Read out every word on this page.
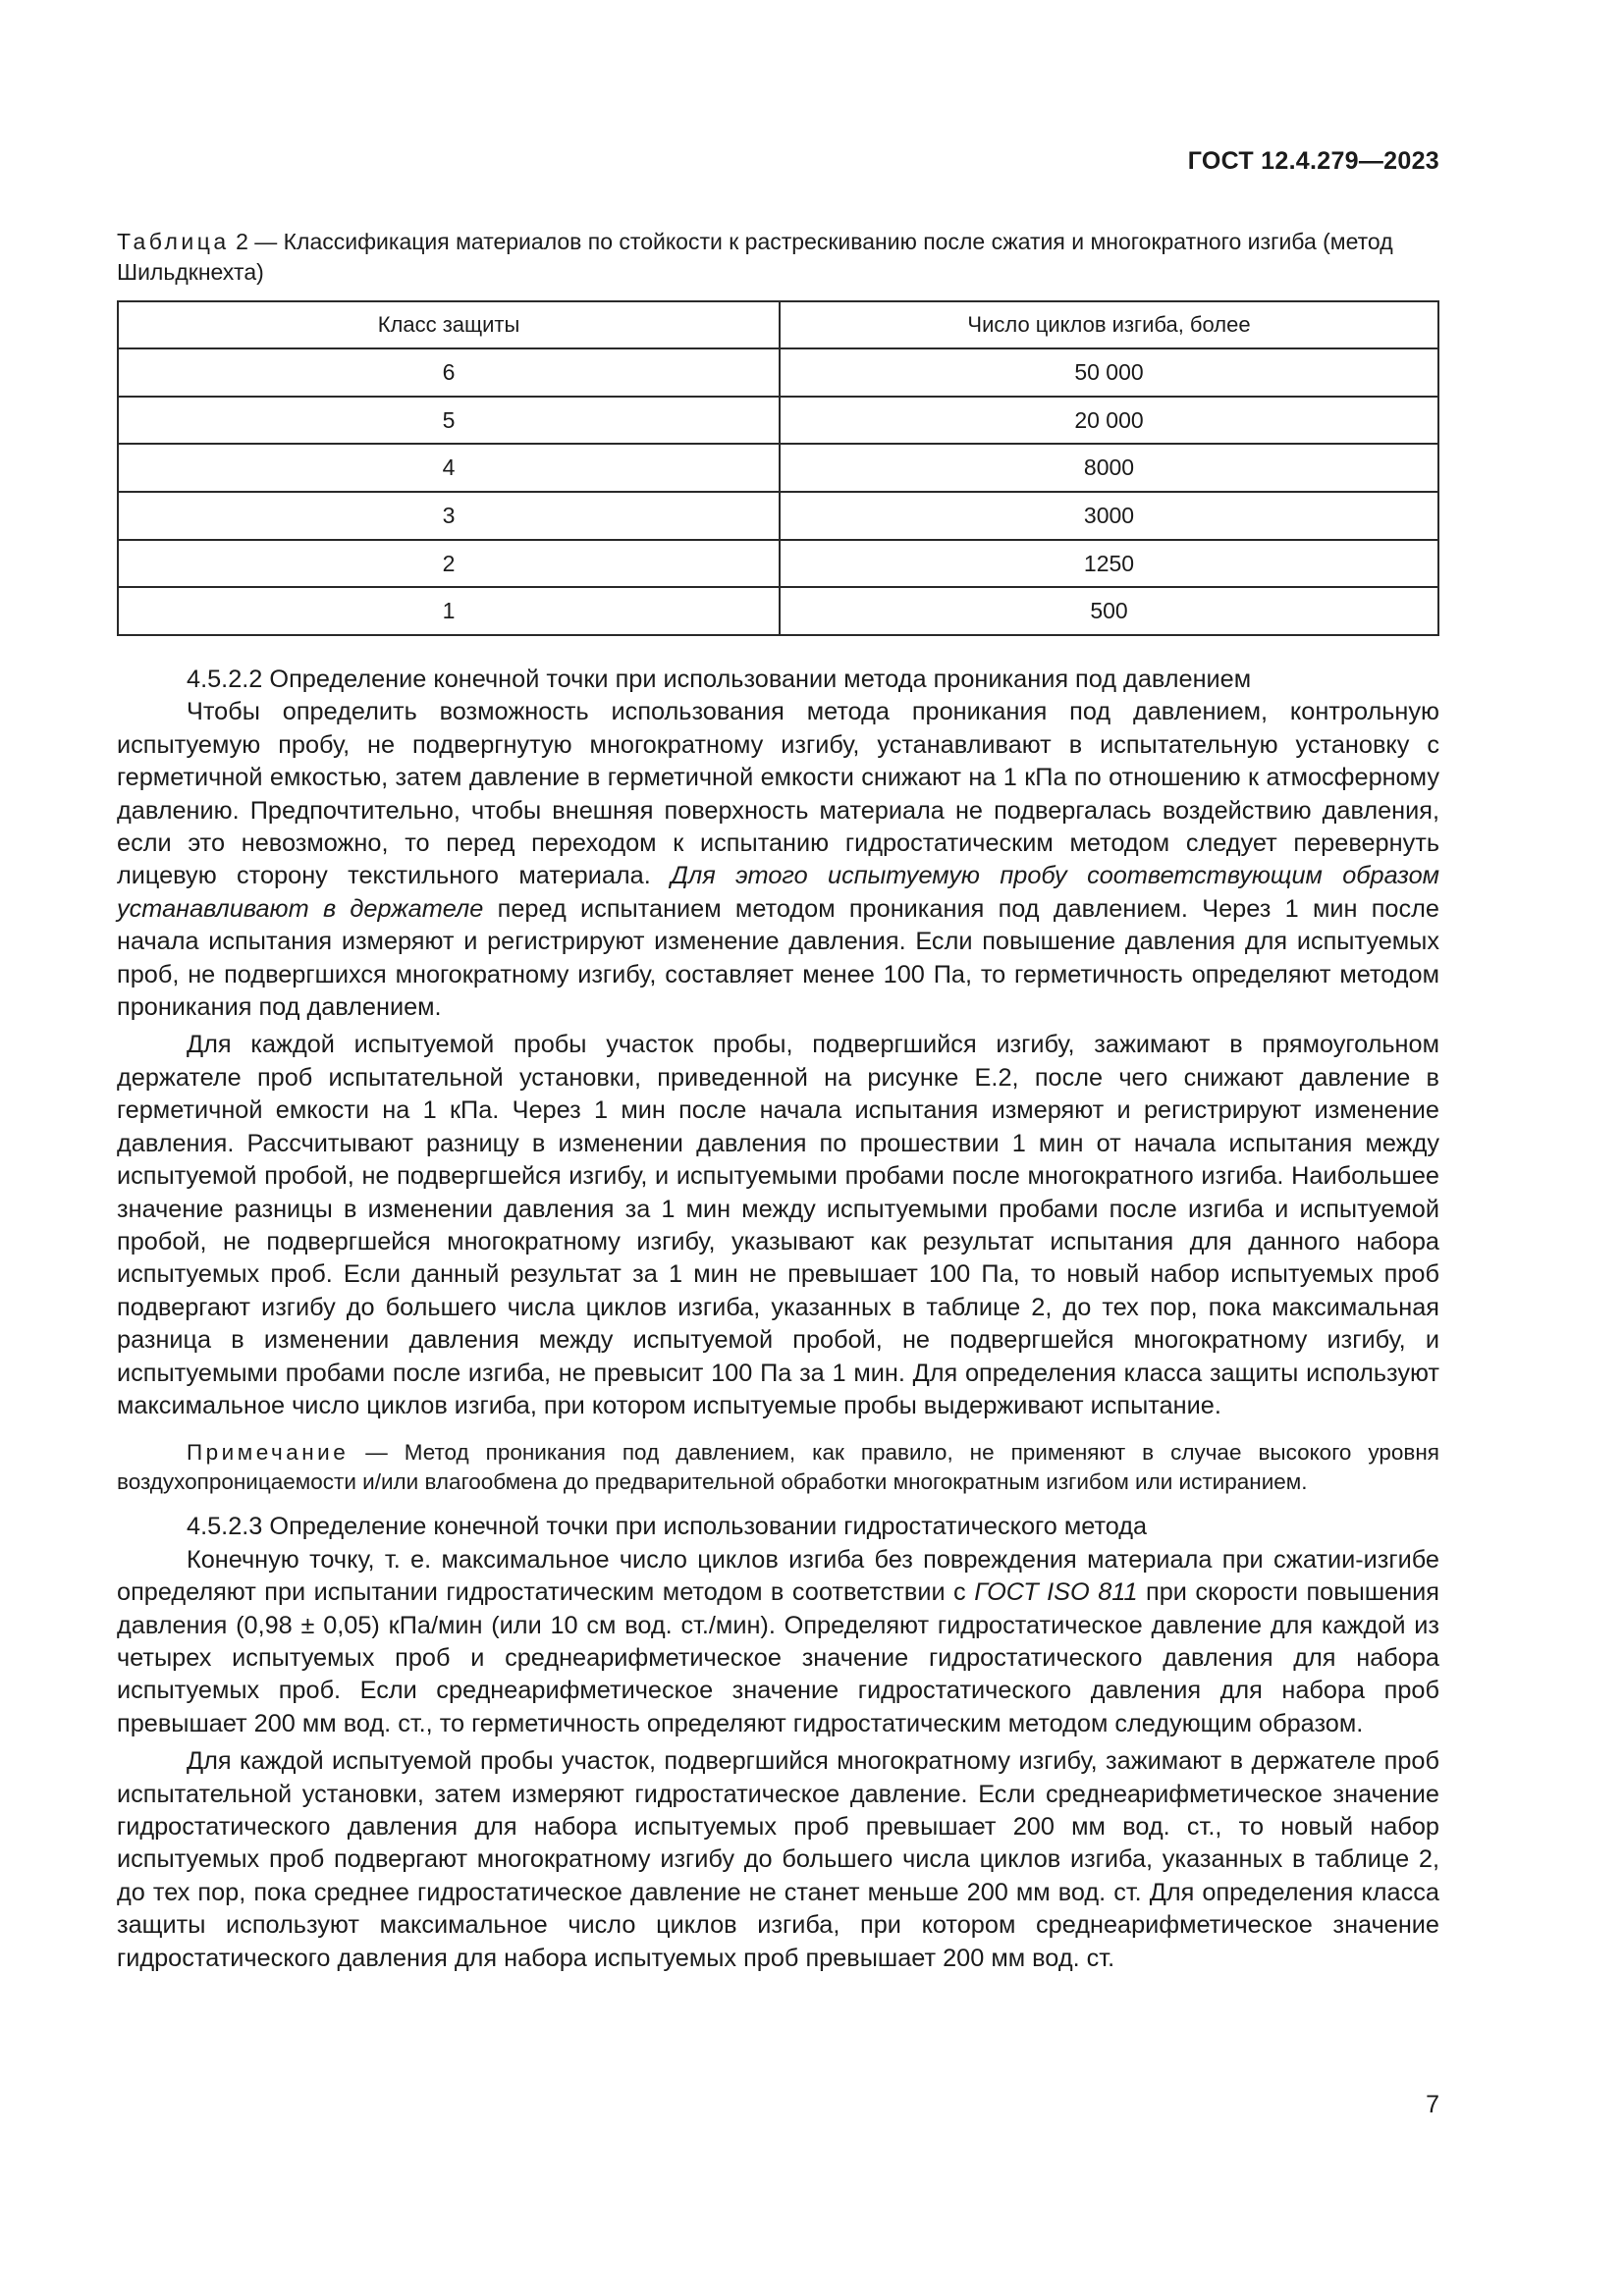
ГОСТ 12.4.279—2023
Таблица 2 — Классификация материалов по стойкости к растрескиванию после сжатия и многократного изгиба (метод Шильдкнехта)
Класс защиты	Число циклов изгиба, более
6	50 000
5	20 000
4	8000
3	3000
2	1250
1	500

4.5.2.2 Определение конечной точки при использовании метода проникания под давлением

Чтобы определить возможность использования метода проникания под давлением, контрольную испытуемую пробу, не подвергнутую многократному изгибу, устанавливают в испытательную установку с герметичной емкостью, затем давление в герметичной емкости снижают на 1 кПа по отношению к атмосферному давлению. Предпочтительно, чтобы внешняя поверхность материала не подвергалась воздействию давления, если это невозможно, то перед переходом к испытанию гидростатическим методом следует перевернуть лицевую сторону текстильного материала. Для этого испытуемую пробу соответствующим образом устанавливают в держателе перед испытанием методом проникания под давлением. Через 1 мин после начала испытания измеряют и регистрируют изменение давления. Если повышение давления для испытуемых проб, не подвергшихся многократному изгибу, составляет менее 100 Па, то герметичность определяют методом проникания под давлением.

Для каждой испытуемой пробы участок пробы, подвергшийся изгибу, зажимают в прямоугольном держателе проб испытательной установки, приведенной на рисунке Е.2, после чего снижают давление в герметичной емкости на 1 кПа. Через 1 мин после начала испытания измеряют и регистрируют изменение давления. Рассчитывают разницу в изменении давления по прошествии 1 мин от начала испытания между испытуемой пробой, не подвергшейся изгибу, и испытуемыми пробами после многократного изгиба. Наибольшее значение разницы в изменении давления за 1 мин между испытуемыми пробами после изгиба и испытуемой пробой, не подвергшейся многократному изгибу, указывают как результат испытания для данного набора испытуемых проб. Если данный результат за 1 мин не превышает 100 Па, то новый набор испытуемых проб подвергают изгибу до большего числа циклов изгиба, указанных в таблице 2, до тех пор, пока максимальная разница в изменении давления между испытуемой пробой, не подвергшейся многократному изгибу, и испытуемыми пробами после изгиба, не превысит 100 Па за 1 мин. Для определения класса защиты используют максимальное число циклов изгиба, при котором испытуемые пробы выдерживают испытание.

Примечание — Метод проникания под давлением, как правило, не применяют в случае высокого уровня воздухопроницаемости и/или влагообмена до предварительной обработки многократным изгибом или истиранием.

4.5.2.3 Определение конечной точки при использовании гидростатического метода

Конечную точку, т. е. максимальное число циклов изгиба без повреждения материала при сжатии-изгибе определяют при испытании гидростатическим методом в соответствии с ГОСТ ISO 811 при скорости повышения давления (0,98 ± 0,05) кПа/мин (или 10 см вод. ст./мин). Определяют гидростатическое давление для каждой из четырех испытуемых проб и среднеарифметическое значение гидростатического давления для набора испытуемых проб. Если среднеарифметическое значение гидростатического давления для набора проб превышает 200 мм вод. ст., то герметичность определяют гидростатическим методом следующим образом.

Для каждой испытуемой пробы участок, подвергшийся многократному изгибу, зажимают в держателе проб испытательной установки, затем измеряют гидростатическое давление. Если среднеарифметическое значение гидростатического давления для набора испытуемых проб превышает 200 мм вод. ст., то новый набор испытуемых проб подвергают многократному изгибу до большего числа циклов изгиба, указанных в таблице 2, до тех пор, пока среднее гидростатическое давление не станет меньше 200 мм вод. ст. Для определения класса защиты используют максимальное число циклов изгиба, при котором среднеарифметическое значение гидростатического давления для набора испытуемых проб превышает 200 мм вод. ст.

7
